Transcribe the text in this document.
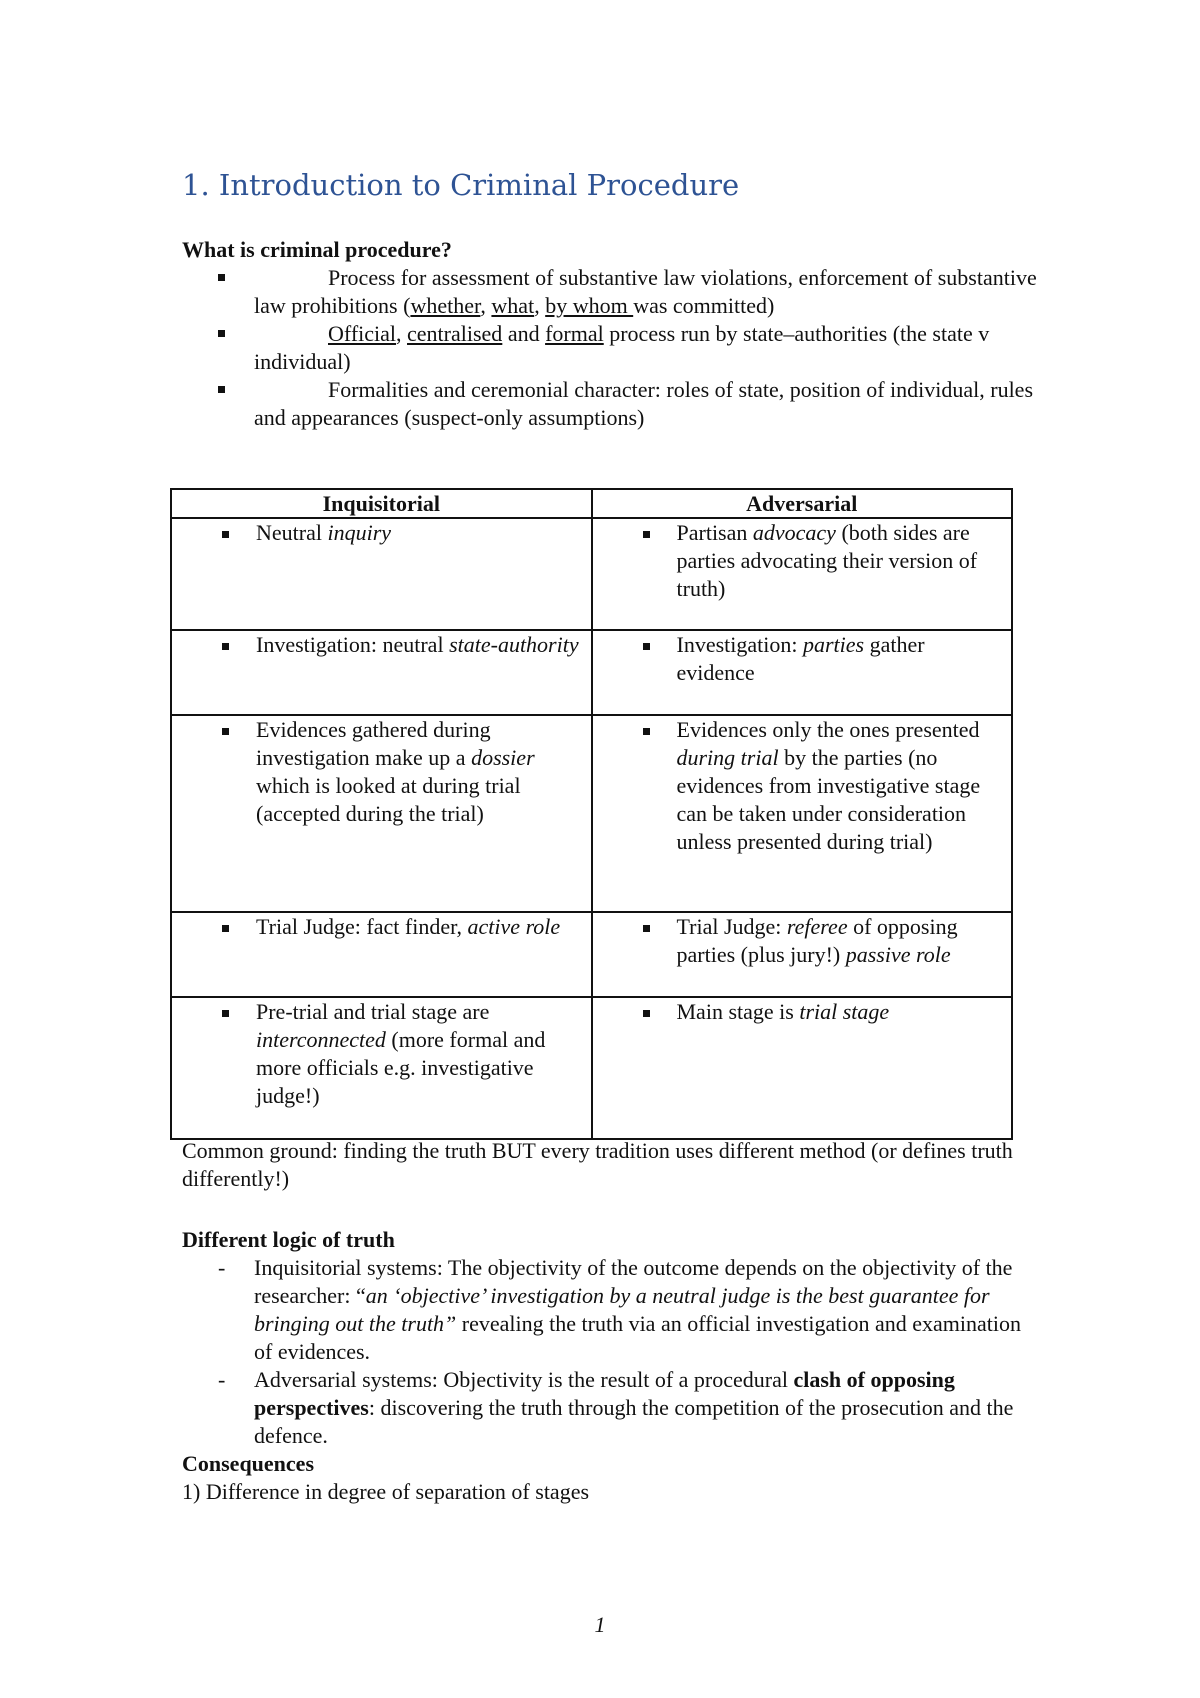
1. Introduction to Criminal Procedure
What is criminal procedure?
Process for assessment of substantive law violations, enforcement of substantive law prohibitions (whether, what, by whom was committed)
Official, centralised and formal process run by state–authorities (the state v individual)
Formalities and ceremonial character: roles of state, position of individual, rules and appearances (suspect-only assumptions)
Inquisitorial	Adversarial

Neutral inquiry	Partisan advocacy (both sides are parties advocating their version of truth)

Investigation: neutral state-authority	Investigation: parties gather evidence

Evidences gathered during investigation make up a dossier which is looked at during trial (accepted during the trial)	Evidences only the ones presented during trial by the parties (no evidences from investigative stage can be taken under consideration unless presented during trial)

Trial Judge: fact finder, active role	Trial Judge: referee of opposing parties (plus jury!) passive role

Pre-trial and trial stage are interconnected (more formal and more officials e.g. investigative judge!)	Main stage is trial stage
Common ground: finding the truth BUT every tradition uses different method (or defines truth differently!)
Different logic of truth
- Inquisitorial systems: The objectivity of the outcome depends on the objectivity of the researcher: “an ‘objective’ investigation by a neutral judge is the best guarantee for bringing out the truth” revealing the truth via an official investigation and examination of evidences.
- Adversarial systems: Objectivity is the result of a procedural clash of opposing perspectives: discovering the truth through the competition of the prosecution and the defence.
Consequences
1) Difference in degree of separation of stages
1
